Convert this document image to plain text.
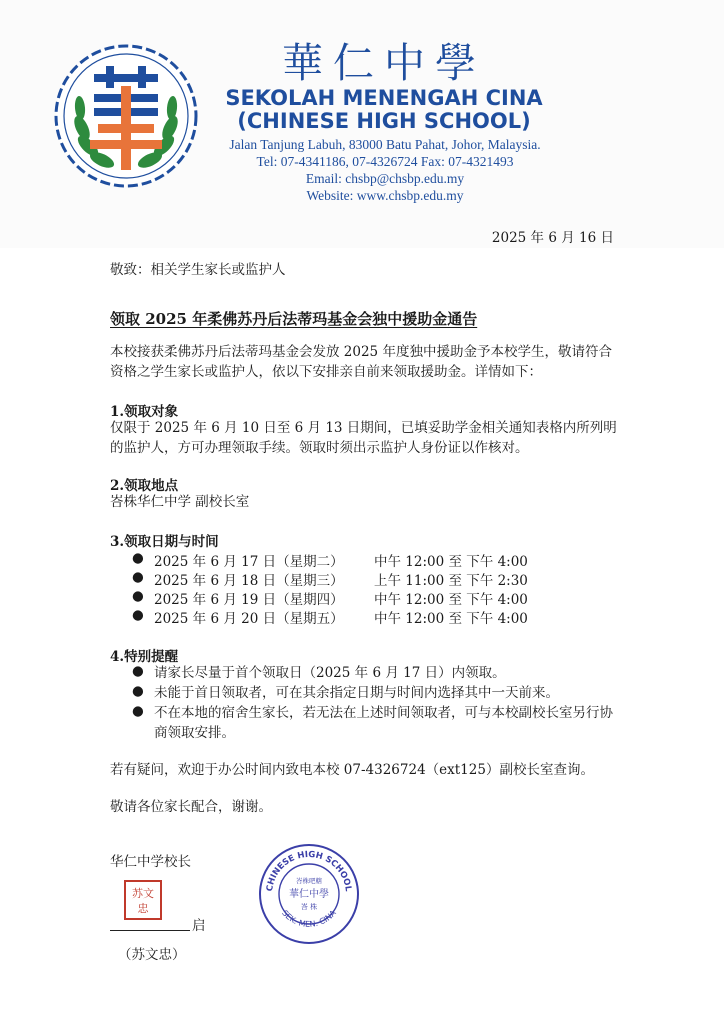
華仁中學
SEKOLAH MENENGAH CINA
(CHINESE HIGH SCHOOL)
Jalan Tanjung Labuh, 83000 Batu Pahat, Johor, Malaysia.
Tel: 07-4341186, 07-4326724 Fax: 07-4321493
Email: chsbp@chsbp.edu.my
Website: www.chsbp.edu.my
2025 年 6 月 16 日
敬致：相关学生家长或监护人
领取 2025 年柔佛苏丹后法蒂玛基金会独中援助金通告
本校接获柔佛苏丹后法蒂玛基金会发放 2025 年度独中援助金予本校学生，敬请符合资格之学生家长或监护人，依以下安排亲自前来领取援助金。详情如下：
1.领取对象
仅限于 2025 年 6 月 10 日至 6 月 13 日期间，已填妥助学金相关通知表格内所列明的监护人，方可办理领取手续。领取时须出示监护人身份证以作核对。
2.领取地点
峇株华仁中学 副校长室
3.领取日期与时间
● 2025 年 6 月 17 日（星期二） 中午 12:00 至 下午 4:00
● 2025 年 6 月 18 日（星期三） 上午 11:00 至 下午 2:30
● 2025 年 6 月 19 日（星期四） 中午 12:00 至 下午 4:00
● 2025 年 6 月 20 日（星期五） 中午 12:00 至 下午 4:00
4.特别提醒
● 请家长尽量于首个领取日（2025 年 6 月 17 日）内领取。
● 未能于首日领取者，可在其余指定日期与时间内选择其中一天前来。
● 不在本地的宿舍生家长，若无法在上述时间领取者，可与本校副校长室另行协商领取安排。
若有疑问，欢迎于办公时间内致电本校 07-4326724（ext125）副校长室查询。
敬请各位家长配合，谢谢。
华仁中学校长
苏文
忠
启
（苏文忠）
CHINESE HIGH SCHOOL
SEK. MEN. CINA
峇株吧轄
華仁中學
峇 株
